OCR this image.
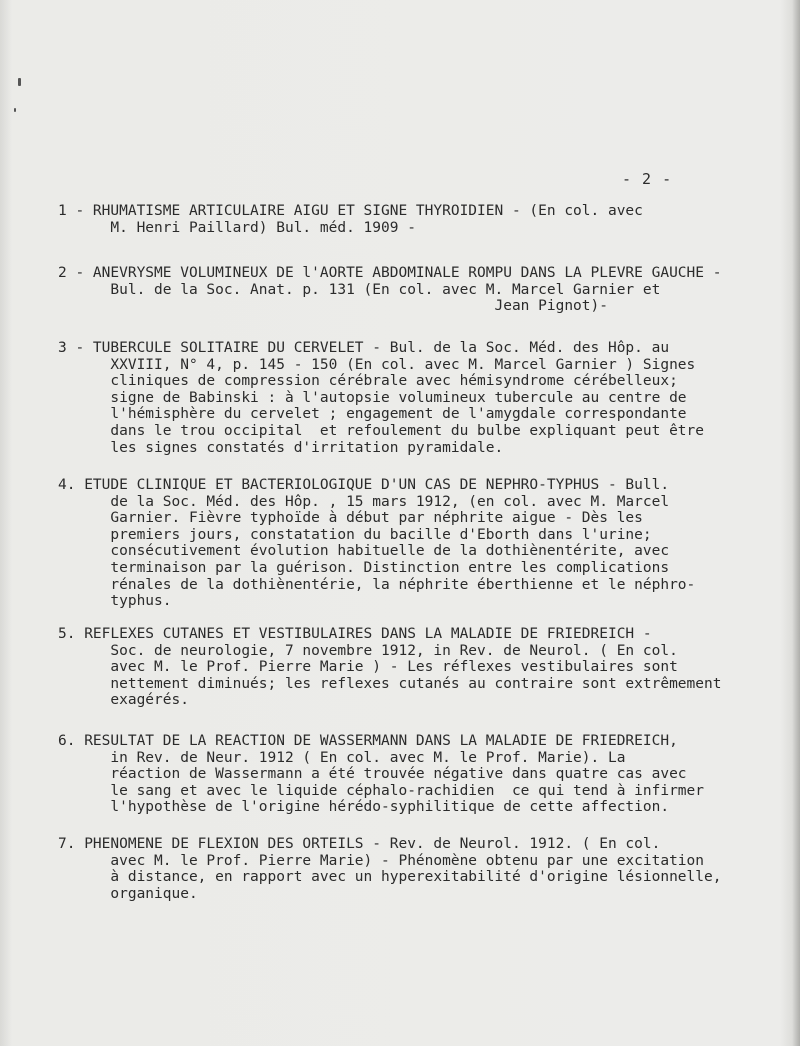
- 2 -
1 - RHUMATISME ARTICULAIRE AIGU ET SIGNE THYROIDIEN - (En col. avec
M. Henri Paillard) Bul. méd. 1909 -
2 - ANEVRYSME VOLUMINEUX DE l'AORTE ABDOMINALE ROMPU DANS LA PLEVRE GAUCHE -
Bul. de la Soc. Anat. p. 131 (En col. avec M. Marcel Garnier et
Jean Pignot)-
3 - TUBERCULE SOLITAIRE DU CERVELET - Bul. de la Soc. Méd. des Hôp. au
XXVIII, N° 4, p. 145 - 150 (En col. avec M. Marcel Garnier ) Signes
cliniques de compression cérébrale avec hémisyndrome cérébelleux;
signe de Babinski : à l'autopsie volumineux tubercule au centre de
l'hémisphère du cervelet ; engagement de l'amygdale correspondante
dans le trou occipital  et refoulement du bulbe expliquant peut être
les signes constatés d'irritation pyramidale.
4. ETUDE CLINIQUE ET BACTERIOLOGIQUE D'UN CAS DE NEPHRO-TYPHUS - Bull.
de la Soc. Méd. des Hôp. , 15 mars 1912, (en col. avec M. Marcel
Garnier. Fièvre typhoïde à début par néphrite aigue - Dès les
premiers jours, constatation du bacille d'Eborth dans l'urine;
consécutivement évolution habituelle de la dothiènentérite, avec
terminaison par la guérison. Distinction entre les complications
rénales de la dothiènentérie, la néphrite éberthienne et le néphro-
typhus.
5. REFLEXES CUTANES ET VESTIBULAIRES DANS LA MALADIE DE FRIEDREICH -
Soc. de neurologie, 7 novembre 1912, in Rev. de Neurol. ( En col.
avec M. le Prof. Pierre Marie ) - Les réflexes vestibulaires sont
nettement diminués; les reflexes cutanés au contraire sont extrêmement
exagérés.
6. RESULTAT DE LA REACTION DE WASSERMANN DANS LA MALADIE DE FRIEDREICH,
in Rev. de Neur. 1912 ( En col. avec M. le Prof. Marie). La
réaction de Wassermann a été trouvée négative dans quatre cas avec
le sang et avec le liquide céphalo-rachidien  ce qui tend à infirmer
l'hypothèse de l'origine hérédo-syphilitique de cette affection.
7. PHENOMENE DE FLEXION DES ORTEILS - Rev. de Neurol. 1912. ( En col.
avec M. le Prof. Pierre Marie) - Phénomène obtenu par une excitation
à distance, en rapport avec un hyperexitabilité d'origine lésionnelle,
organique.
